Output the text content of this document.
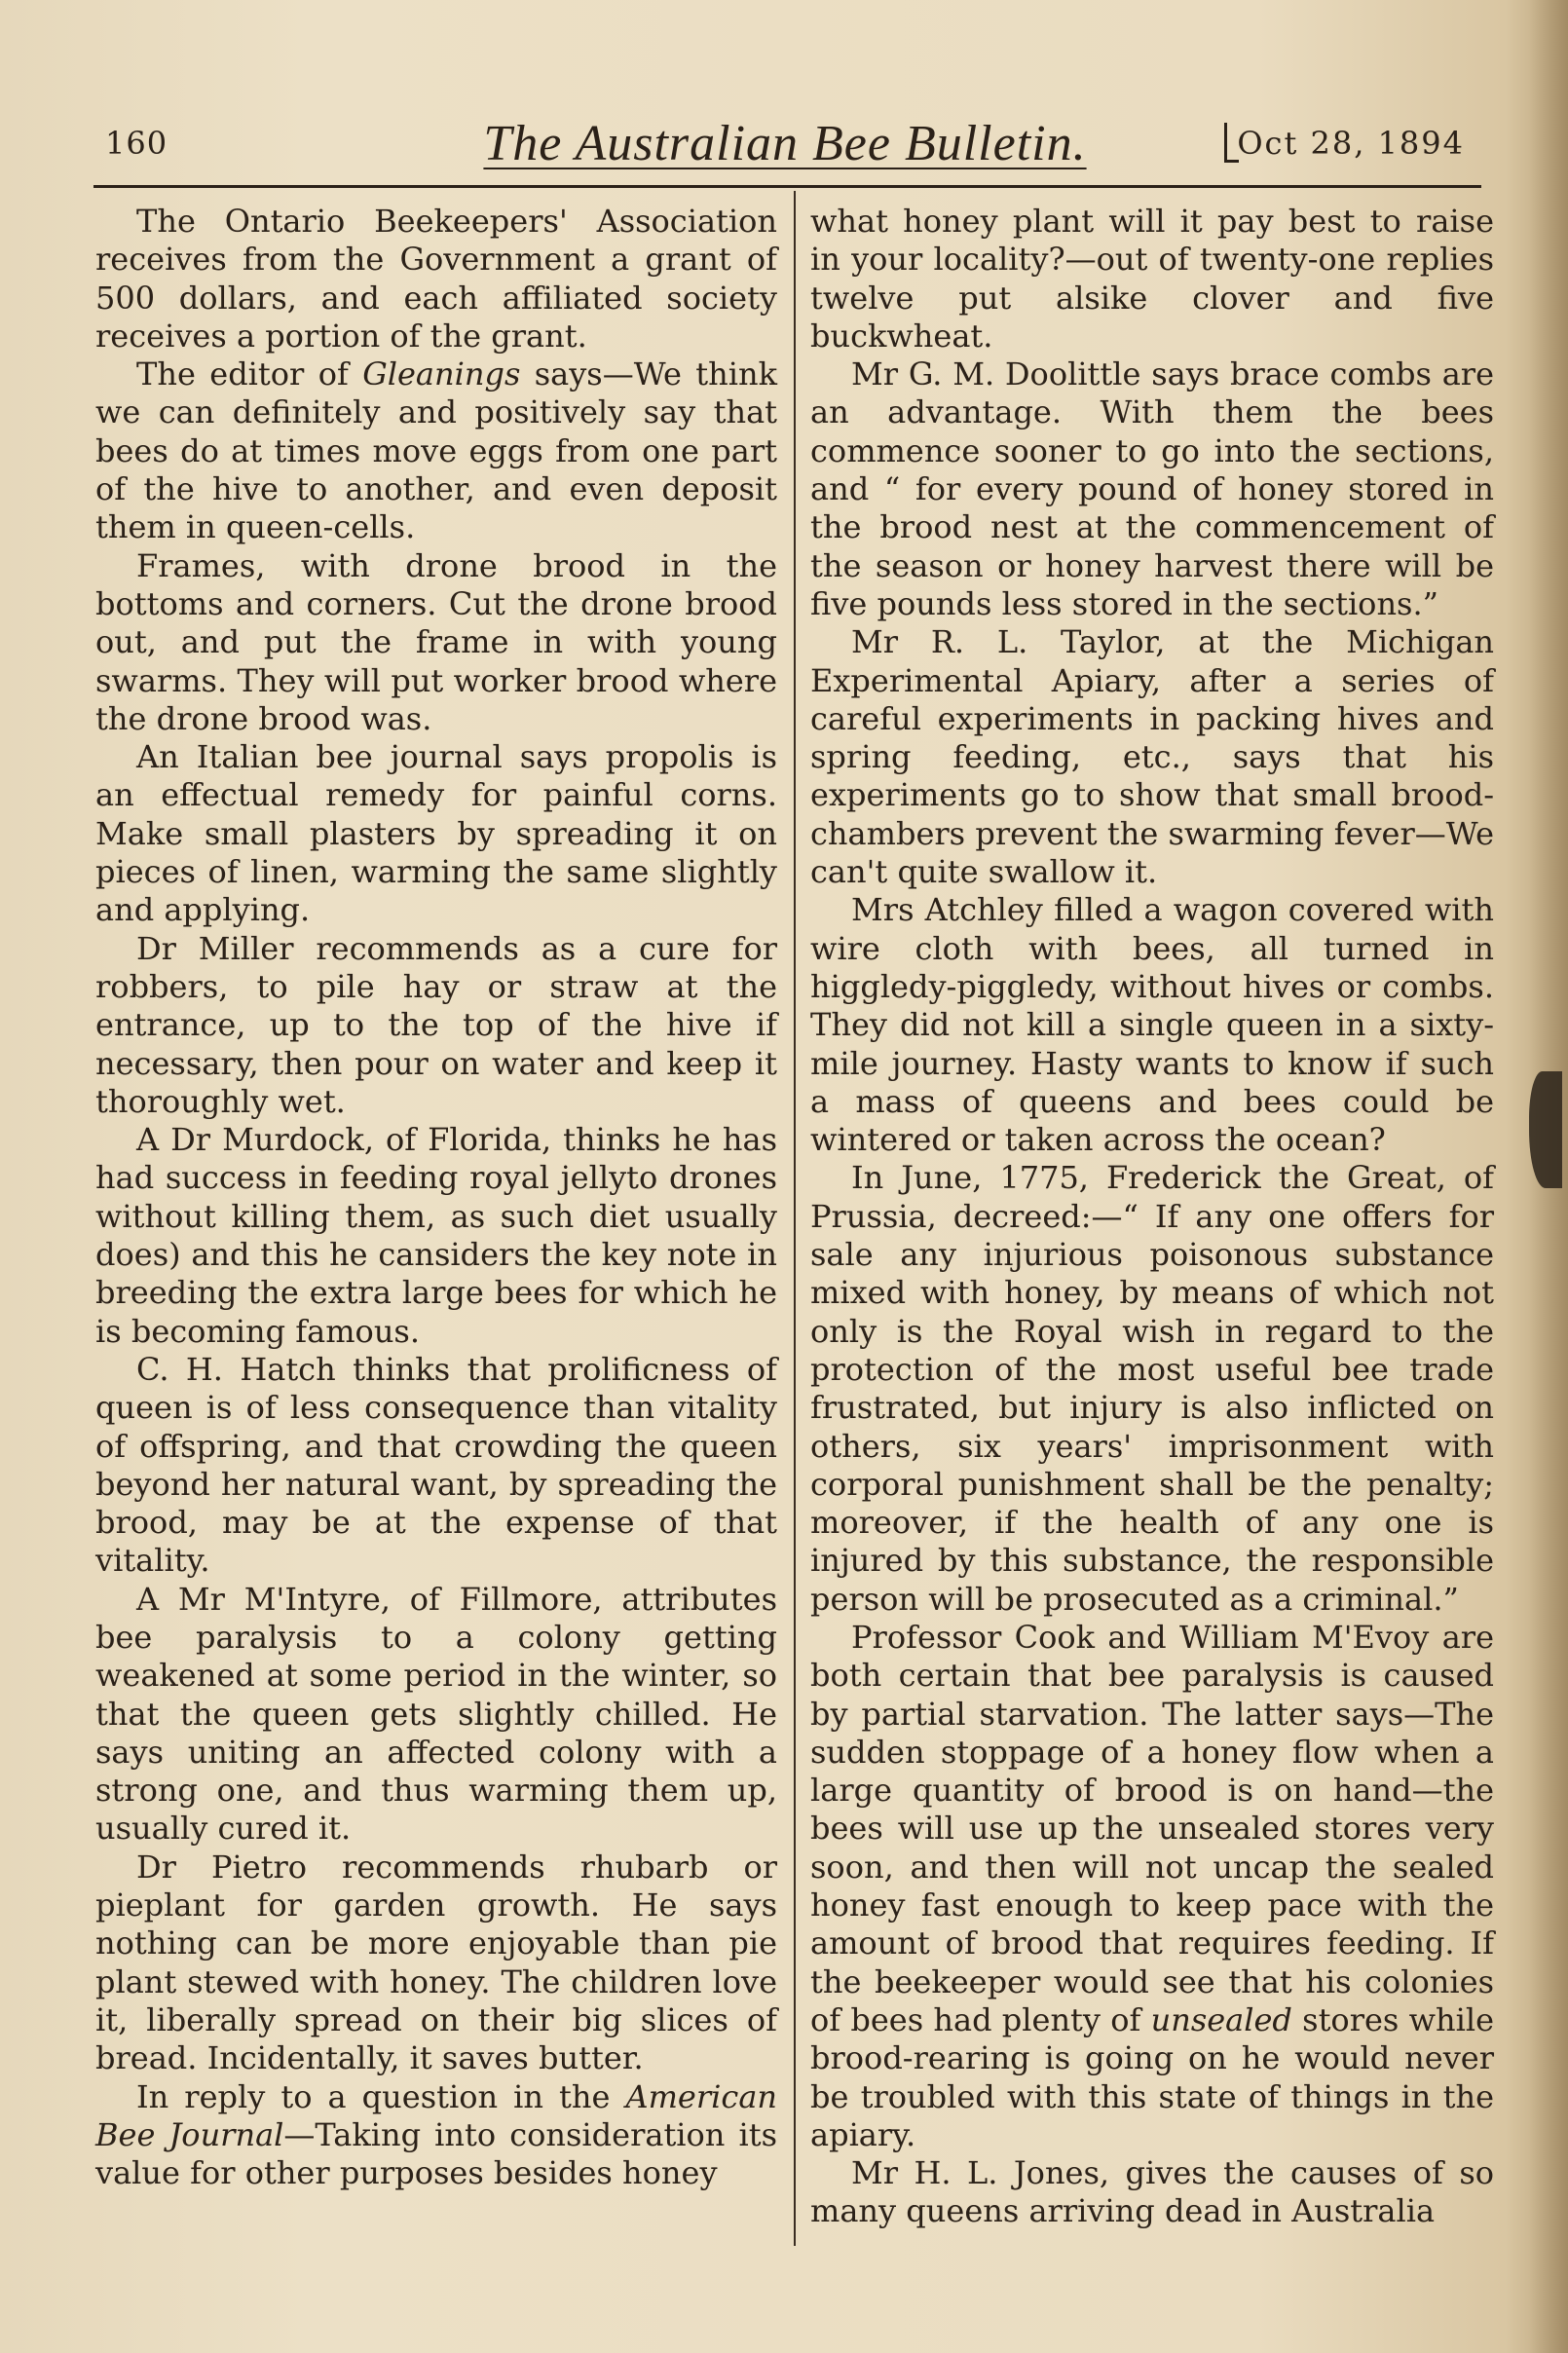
160	The Australian Bee Bulletin.	Oct 28, 1894

The Ontario Beekeepers' Association receives from the Government a grant of 500 dollars, and each affiliated society receives a portion of the grant.

The editor of Gleanings says—We think we can definitely and positively say that bees do at times move eggs from one part of the hive to another, and even deposit them in queen-cells.

Frames, with drone brood in the bottoms and corners. Cut the drone brood out, and put the frame in with young swarms. They will put worker brood where the drone brood was.

An Italian bee journal says propolis is an effectual remedy for painful corns. Make small plasters by spreading it on pieces of linen, warming the same slightly and applying.

Dr Miller recommends as a cure for robbers, to pile hay or straw at the entrance, up to the top of the hive if necessary, then pour on water and keep it thoroughly wet.

A Dr Murdock, of Florida, thinks he has had success in feeding royal jellyto drones without killing them, as such diet usually does) and this he cansiders the key note in breeding the extra large bees for which he is becoming famous.

C. H. Hatch thinks that prolificness of queen is of less consequence than vitality of offspring, and that crowding the queen beyond her natural want, by spreading the brood, may be at the expense of that vitality.

A Mr M'Intyre, of Fillmore, attributes bee paralysis to a colony getting weakened at some period in the winter, so that the queen gets slightly chilled. He says uniting an affected colony with a strong one, and thus warming them up, usually cured it.

Dr Pietro recommends rhubarb or pieplant for garden growth. He says nothing can be more enjoyable than pie plant stewed with honey. The children love it, liberally spread on their big slices of bread. Incidentally, it saves butter.

In reply to a question in the American Bee Journal—Taking into consideration its value for other purposes besides honey

what honey plant will it pay best to raise in your locality?—out of twenty-one replies twelve put alsike clover and five buckwheat.

Mr G. M. Doolittle says brace combs are an advantage. With them the bees commence sooner to go into the sections, and “ for every pound of honey stored in the brood nest at the commencement of the season or honey harvest there will be five pounds less stored in the sections.”

Mr R. L. Taylor, at the Michigan Experimental Apiary, after a series of careful experiments in packing hives and spring feeding, etc., says that his experiments go to show that small brood-chambers prevent the swarming fever—We can't quite swallow it.

Mrs Atchley filled a wagon covered with wire cloth with bees, all turned in higgledy-piggledy, without hives or combs. They did not kill a single queen in a sixty-mile journey. Hasty wants to know if such a mass of queens and bees could be wintered or taken across the ocean?

In June, 1775, Frederick the Great, of Prussia, decreed:—“ If any one offers for sale any injurious poisonous substance mixed with honey, by means of which not only is the Royal wish in regard to the protection of the most useful bee trade frustrated, but injury is also inflicted on others, six years' imprisonment with corporal punishment shall be the penalty; moreover, if the health of any one is injured by this substance, the responsible person will be prosecuted as a criminal.”

Professor Cook and William M'Evoy are both certain that bee paralysis is caused by partial starvation. The latter says—The sudden stoppage of a honey flow when a large quantity of brood is on hand—the bees will use up the unsealed stores very soon, and then will not uncap the sealed honey fast enough to keep pace with the amount of brood that requires feeding. If the beekeeper would see that his colonies of bees had plenty of unsealed stores while brood-rearing is going on he would never be troubled with this state of things in the apiary.

Mr H. L. Jones, gives the causes of so many queens arriving dead in Australia
